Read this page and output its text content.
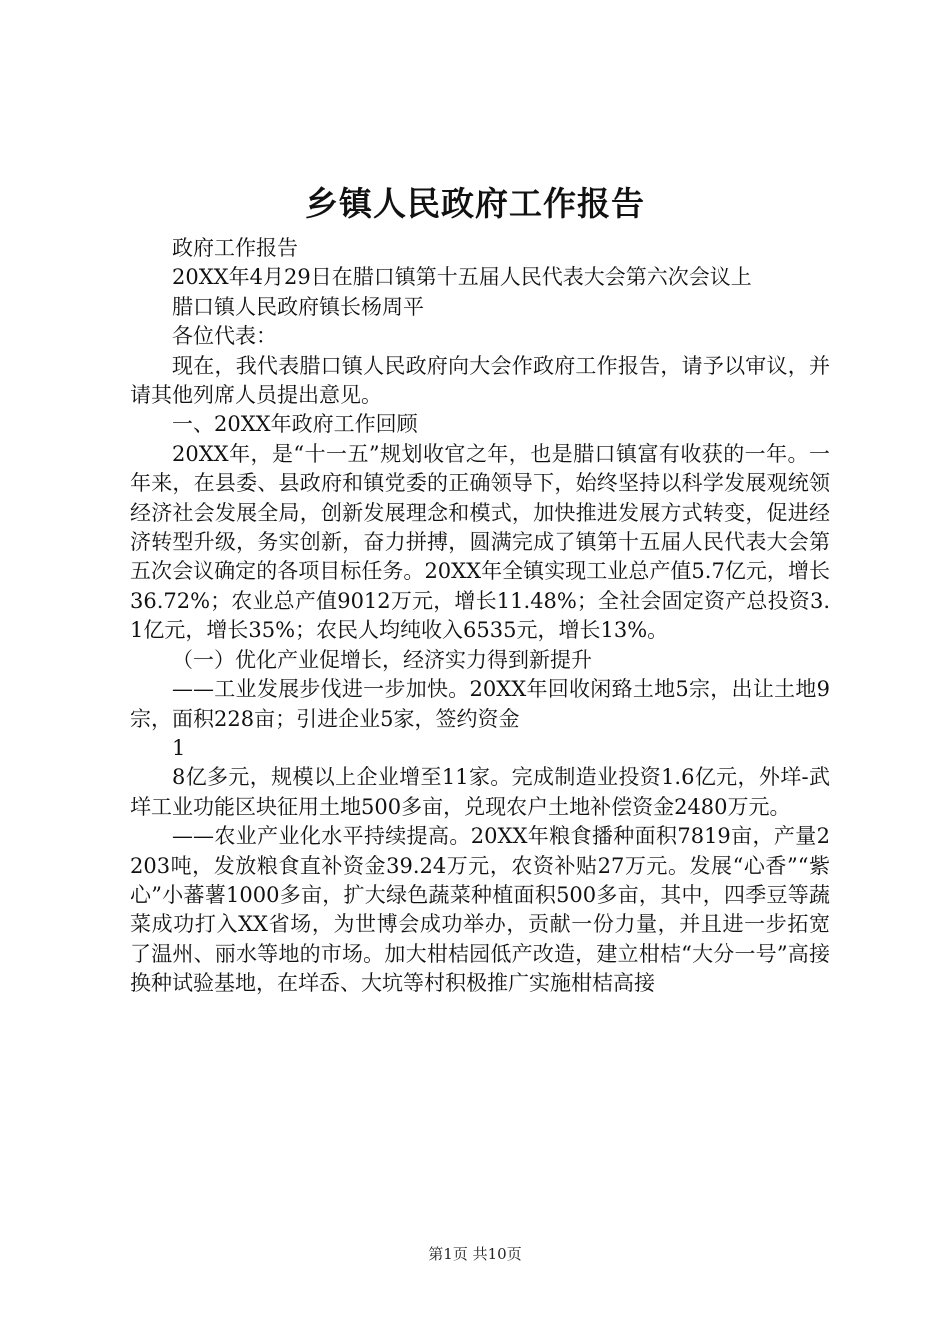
乡镇人民政府工作报告

政府工作报告

20XX年4月29日在腊口镇第十五届人民代表大会第六次会议上

腊口镇人民政府镇长杨周平

各位代表：

现在，我代表腊口镇人民政府向大会作政府工作报告，请予以审议，并请其他列席人员提出意见。

一、20XX年政府工作回顾

20XX年，是“十一五”规划收官之年，也是腊口镇富有收获的一年。一年来，在县委、县政府和镇党委的正确领导下，始终坚持以科学发展观统领经济社会发展全局，创新发展理念和模式，加快推进发展方式转变，促进经济转型升级，务实创新，奋力拼搏，圆满完成了镇第十五届人民代表大会第五次会议确定的各项目标任务。20XX年全镇实现工业总产值5.7亿元，增长36.72%；农业总产值9012万元，增长11.48%；全社会固定资产总投资3.1亿元，增长35%；农民人均纯收入6535元，增长13%。

（一）优化产业促增长，经济实力得到新提升

——工业发展步伐进一步加快。20XX年回收闲臵土地5宗，出让土地9宗，面积228亩；引进企业5家，签约资金

1

8亿多元，规模以上企业增至11家。完成制造业投资1.6亿元，外垟-武垟工业功能区块征用土地500多亩，兑现农户土地补偿资金2480万元。

——农业产业化水平持续提高。20XX年粮食播种面积7819亩，产量2203吨，发放粮食直补资金39.24万元，农资补贴27万元。发展“心香”“紫心”小蕃薯1000多亩，扩大绿色蔬菜种植面积500多亩，其中，四季豆等蔬菜成功打入XX省场，为世博会成功举办，贡献一份力量，并且进一步拓宽了温州、丽水等地的市场。加大柑桔园低产改造，建立柑桔“大分一号”高接换种试验基地，在垟岙、大坑等村积极推广实施柑桔高接

第1页 共10页
